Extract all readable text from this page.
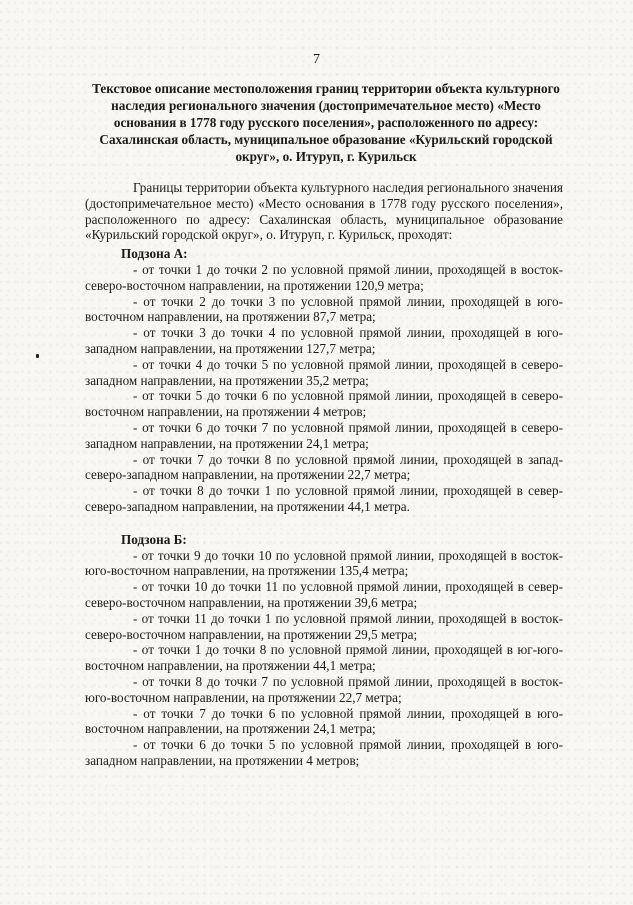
7
Текстовое описание местоположения границ территории объекта культурного наследия регионального значения (достопримечательное место) «Место основания в 1778 году русского поселения», расположенного по адресу: Сахалинская область, муниципальное образование «Курильский городской округ», о. Итуруп, г. Курильск

Границы территории объекта культурного наследия регионального значения (достопримечательное место) «Место основания в 1778 году русского поселения», расположенного по адресу: Сахалинская область, муниципальное образование «Курильский городской округ», о. Итуруп, г. Курильск, проходят:

Подзона А:

- от точки 1 до точки 2 по условной прямой линии, проходящей в восток-северо-восточном направлении, на протяжении 120,9 метра;

- от точки 2 до точки 3 по условной прямой линии, проходящей в юго-восточном направлении, на протяжении 87,7 метра;

- от точки 3 до точки 4 по условной прямой линии, проходящей в юго-западном направлении, на протяжении 127,7 метра;

- от точки 4 до точки 5 по условной прямой линии, проходящей в северо-западном направлении, на протяжении 35,2 метра;

- от точки 5 до точки 6 по условной прямой линии, проходящей в северо-восточном направлении, на протяжении 4 метров;

- от точки 6 до точки 7 по условной прямой линии, проходящей в северо-западном направлении, на протяжении 24,1 метра;

- от точки 7 до точки 8 по условной прямой линии, проходящей в запад-северо-западном направлении, на протяжении 22,7 метра;

- от точки 8 до точки 1 по условной прямой линии, проходящей в север-северо-западном направлении, на протяжении 44,1 метра.

Подзона Б:

- от точки 9 до точки 10 по условной прямой линии, проходящей в восток-юго-восточном направлении, на протяжении 135,4 метра;

- от точки 10 до точки 11 по условной прямой линии, проходящей в север-северо-восточном направлении, на протяжении 39,6 метра;

- от точки 11 до точки 1 по условной прямой линии, проходящей в восток-северо-восточном направлении, на протяжении 29,5 метра;

- от точки 1 до точки 8 по условной прямой линии, проходящей в юг-юго-восточном направлении, на протяжении 44,1 метра;

- от точки 8 до точки 7 по условной прямой линии, проходящей в восток-юго-восточном направлении, на протяжении 22,7 метра;

- от точки 7 до точки 6 по условной прямой линии, проходящей в юго-восточном направлении, на протяжении 24,1 метра;

- от точки 6 до точки 5 по условной прямой линии, проходящей в юго-западном направлении, на протяжении 4 метров;
